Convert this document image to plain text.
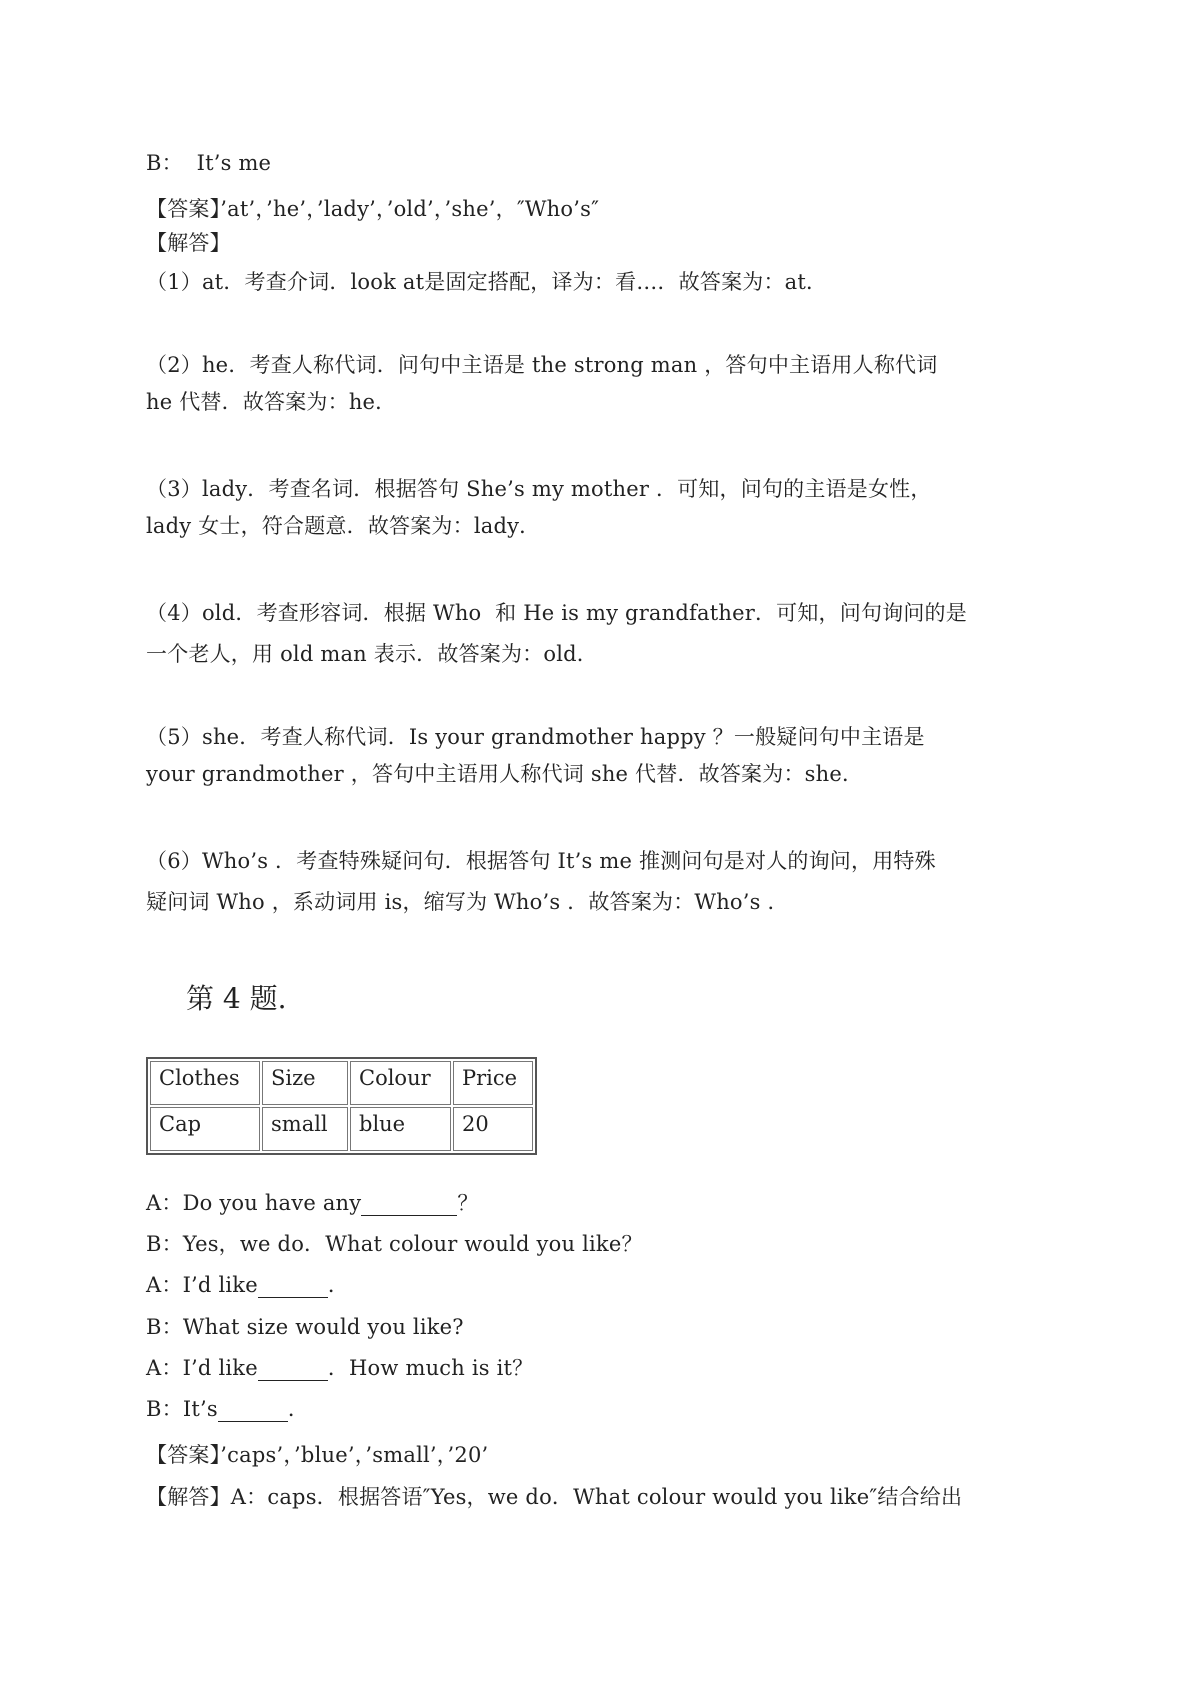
B：  It’s me
【答案】’at’，’he’，’lady’，’old’，’she’，″Who’s″
【解答】
（1）at．考查介词．look at是固定搭配，译为：看…．故答案为：at．
（2）he．考查人称代词．问句中主语是 the strong man ，答句中主语用人称代词
he 代替．故答案为：he．
（3）lady．考查名词．根据答句 She’s my mother ．可知，问句的主语是女性，
lady 女士，符合题意．故答案为：lady．
（4）old．考查形容词．根据 Who  和 He is my grandfather．可知，问句询问的是
一个老人，用 old man 表示．故答案为：old．
（5）she．考查人称代词．Is your grandmother happy ？一般疑问句中主语是
your grandmother ，答句中主语用人称代词 she 代替．故答案为：she．
（6）Who’s ．考查特殊疑问句．根据答句 It’s me 推测问句是对人的询问，用特殊
疑问词 Who ，系动词用 is，缩写为 Who’s ．故答案为：Who’s ．
第 4 题.
Clothes	Size	Colour	Price
Cap	small	blue	20
A：Do you have any	？
B：Yes，we do．What colour would you like？
A：I’d like	．
B：What size would you like?
A：I’d like	．How much is it？
B：It’s	．
【答案】’caps’，’blue’，’small’，’20’
【解答】A：caps．根据答语″Yes，we do．What colour would you like″结合给出
